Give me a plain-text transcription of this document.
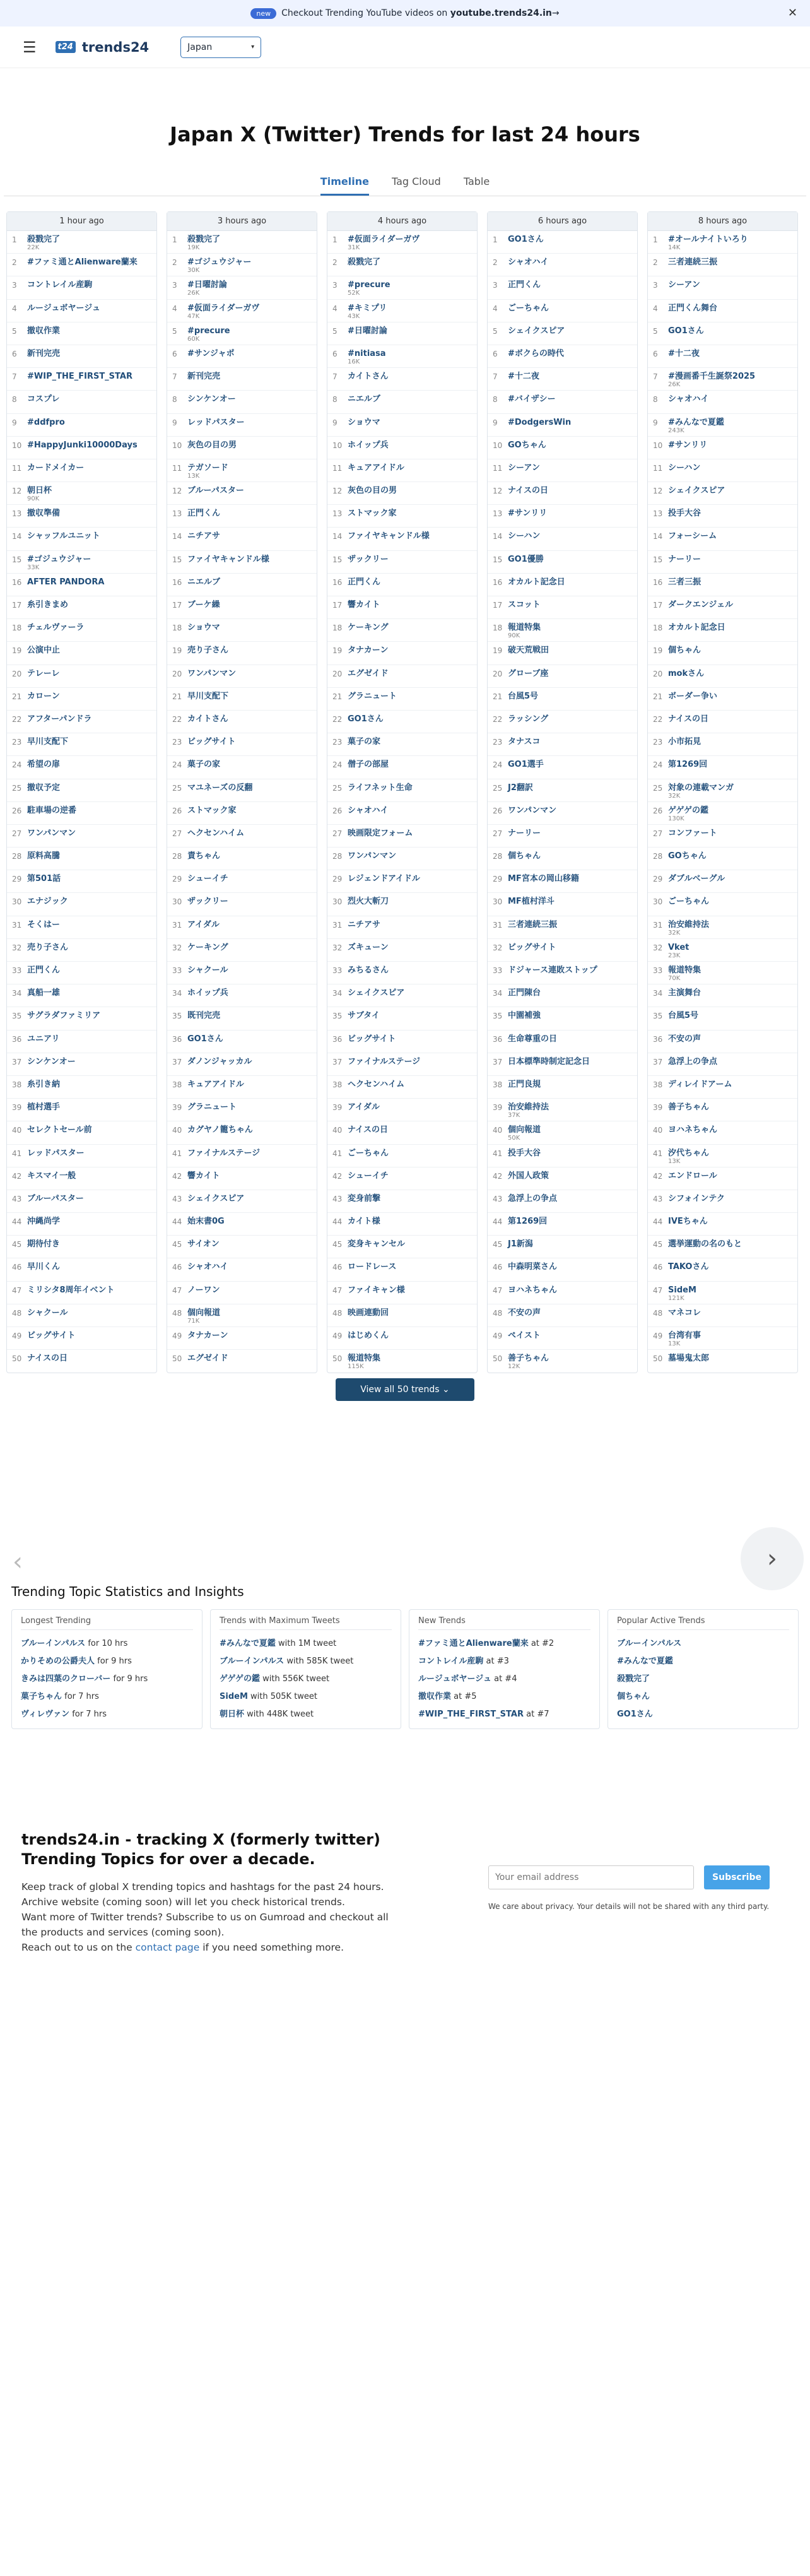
new	Checkout Trending YouTube videos on youtube.trends24.in→	✕
☰	t24 trends24	Japan	▾
Japan X (Twitter) Trends for last 24 hours
Timeline Tag Cloud Table
1 hour ago
1	殺戮完了
22K
2	#ファミ通とAlienware蘭来
3	コントレイル産駒
4	ルージュボヤージュ
5	撤収作業
6	新刊完売
7	#WIP_THE_FIRST_STAR
8	コスプレ
9	#ddfpro
10 #HappyJunki10000Days
11 カードメイカー
12 朝日杯
90K
13 撤収準備
14 シャッフルユニット
15 #ゴジュウジャー
33K
16 AFTER PANDORA
17 糸引きまめ
18 チェルヴァーラ
19 公演中止
20 テレーレ
21 カローン
22 アフターパンドラ
23 早川支配下
24 希望の扉
25 撤収予定
26 駐車場の逆番
27 ワンパンマン
28 原料高騰
29 第501話
30 エナジック
31 そくはー
32 売り子さん
33 正門くん
34 真船一雄
35 サグラダファミリア
36 ユニアリ
37 シンケンオー
38 糸引き納
39 植村選手
40 セレクトセール前
41 レッドパスター
42 キスマイ一般
43 ブルーパスター
44 沖縄尚学
45 期待付き
46 早川くん
47 ミリシタ8周年イベント
48 シャクール
49 ビッグサイト
50 ナイスの日
3 hours ago
1	殺戮完了
19K
2	#ゴジュウジャー
30K
3	#日曜討論
26K
4	#仮面ライダーガヴ
47K
5	#precure
60K
6	#サンジャポ
7	新刊完売
8	シンケンオー
9	レッドパスター
10 灰色の目の男
11 テガソード
13K
12 ブルーパスター
13 正門くん
14 ニチアサ
15 ファイヤキャンドル様
16 ニエルブ
17 ブーケ繰
18 ショウマ
19 売り子さん
20 ワンパンマン
21 早川支配下
22 カイトさん
23 ビッグサイト
24 菓子の家
25 マユネーズの反翻
26 ストマック家
27 ヘクセンハイム
28 責ちゃん
29 シューイチ
30 ザックリー
31 アイダル
32 ケーキング
33 シャクール
34 ホイップ兵
35 既刊完売
36 GO1さん
37 ダノンジャッカル
38 キュアアイドル
39 グラニュート
40 カグヤノ籠ちゃん
41 ファイナルステージ
42 響カイト
43 シェイクスピア
44 始末書0G
45 サイオン
46 シャオハイ
47 ノーワン
48 個向報道
71K
49 タナカーン
50 エグゼイド
4 hours ago
1	#仮面ライダーガヴ
31K
2	殺戮完了
3	#precure
52K
4	#キミプリ
43K
5	#日曜討論
6	#nitiasa
16K
7	カイトさん
8	ニエルブ
9	ショウマ
10 ホイップ兵
11 キュアアイドル
12 灰色の目の男
13 ストマック家
14 ファイヤキャンドル様
15 ザックリー
16 正門くん
17 響カイト
18 ケーキング
19 タナカーン
20 エグゼイド
21 グラニュート
22 GO1さん
23 菓子の家
24 僧子の部屋
25 ライフネット生命
26 シャオハイ
27 映画限定フォーム
28 ワンパンマン
29 レジェンドアイドル
30 烈火大斬刀
31 ニチアサ
32 ズキューン
33 みちるさん
34 シェイクスピア
35 サブタイ
36 ビッグサイト
37 ファイナルステージ
38 ヘクセンハイム
39 アイダル
40 ナイスの日
41 ごーちゃん
42 シューイチ
43 変身前撃
44 カイト様
45 変身キャンセル
46 ロードレース
47 ファイキャン様
48 映画連動回
49 はじめくん
50 報道特集
115K
6 hours ago
1	GO1さん
2	シャオハイ
3	正門くん
4	ごーちゃん
5	シェイクスピア
6	#ボクらの時代
7	#十二夜
8	#バイザシー
9	#DodgersWin
10 GOちゃん
11 シーアン
12 ナイスの日
13 #サンリリ
14 シーハン
15 GO1優勝
16 オカルト記念日
17 スコット
18 報道特集
90K
19 破天荒戦田
20 グローブ座
21 台風5号
22 ラッシング
23 タナスコ
24 GO1選手
25 J2翻訳
26 ワンパンマン
27 ナーリー
28 個ちゃん
29 MF宮本の岡山移籍
30 MF植村洋斗
31 三者連続三振
32 ビッグサイト
33 ドジャース連敗ストップ
34 正門陳台
35 中園補強
36 生命尊重の日
37 日本標準時制定記念日
38 正門良規
39 治安維持法
37K
40 個向報道
50K
41 投手大谷
42 外国人政策
43 急浮上の争点
44 第1269回
45 J1新潟
46 中森明菜さん
47 ヨハネちゃん
48 不安の声
49 ペイスト
50 善子ちゃん
12K
8 hours ago
1	#オールナイトいろり
14K
2	三者連続三振
3	シーアン
4	正門くん舞台
5	GO1さん
6	#十二夜
7	#漫画番千生誕祭2025
26K
8	シャオハイ
9	#みんなで夏鑑
243K
10 #サンリリ
11 シーハン
12 シェイクスピア
13 投手大谷
14 フォーシーム
15 ナーリー
16 三者三振
17 ダークエンジェル
18 オカルト記念日
19 個ちゃん
20 mokさん
21 ボーダー争い
22 ナイスの日
23 小市拓見
24 第1269回
25 対象の連載マンガ
32K
26 ゲゲゲの鑑
130K
27 コンファート
28 GOちゃん
29 ダブルベーグル
30 ごーちゃん
31 治安維持法
32K
32 Vket
23K
33 報道特集
70K
34 主演舞台
35 台風5号
36 不安の声
37 急浮上の争点
38 ディレイドアーム
39 善子ちゃん
40 ヨハネちゃん
41 汐代ちゃん
13K
42 エンドロール
43 シフォインテク
44 IVEちゃん
45 選挙運動の名のもと
46 TAKOさん
47 SideM
121K
48 マネコレ
49 台湾有事
13K
50 墓場鬼太郎
View all 50 trends ⌄
‹	›
Trending Topic Statistics and Insights
Longest Trending
ブルーインパルス for 10 hrs
かりそめの公爵夫人 for 9 hrs
きみは四葉のクローバー for 9 hrs
菓子ちゃん for 7 hrs
ヴィレヴァン for 7 hrs
Trends with Maximum Tweets
#みんなで夏鑑 with 1M tweet
ブルーインパルス with 585K tweet
ゲゲゲの鑑 with 556K tweet
SideM with 505K tweet
朝日杯 with 448K tweet
New Trends
#ファミ通とAlienware蘭来 at #2
コントレイル産駒 at #3
ルージュボヤージュ at #4
撤収作業 at #5
#WIP_THE_FIRST_STAR at #7
Popular Active Trends
ブルーインパルス
#みんなで夏鑑
殺戮完了
個ちゃん
GO1さん
trends24.in - tracking X (formerly twitter) Trending Topics for over a decade.
Keep track of global X trending topics and hashtags for the past 24 hours.
Archive website (coming soon) will let you check historical trends.
Want more of Twitter trends? Subscribe to us on Gumroad and checkout all the products and services (coming soon).
Reach out to us on the contact page if you need something more.
Your email address
Subscribe
We care about privacy. Your details will not be shared with any third party.
